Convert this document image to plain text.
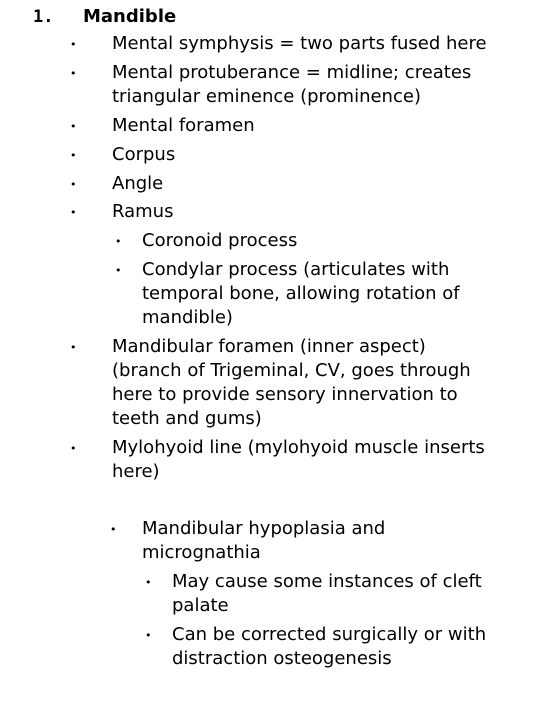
1. Mandible
• Mental symphysis = two parts fused here
• Mental protuberance = midline; creates
triangular eminence (prominence)
• Mental foramen
• Corpus
• Angle
• Ramus
• Coronoid process
• Condylar process (articulates with
temporal bone, allowing rotation of
mandible)
• Mandibular foramen (inner aspect)
(branch of Trigeminal, CV, goes through
here to provide sensory innervation to
teeth and gums)
• Mylohyoid line (mylohyoid muscle inserts
here)
• Mandibular hypoplasia and
micrognathia
• May cause some instances of cleft
palate
• Can be corrected surgically or with
distraction osteogenesis
